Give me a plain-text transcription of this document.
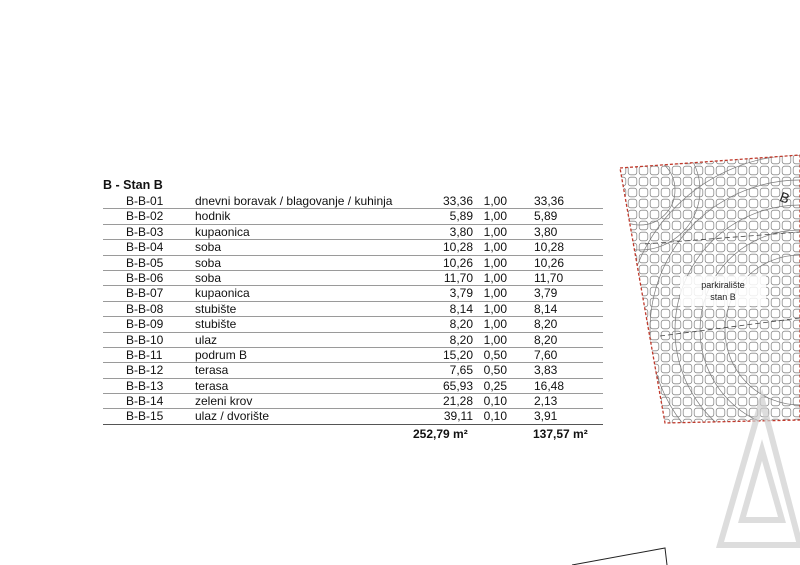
parkiralište
stan B
B
B - Stan B
B-B-01	dnevni boravak / blagovanje / kuhinja	33,36 1,00 33,36
B-B-02	hodnik	5,89 1,00 5,89
B-B-03	kupaonica	3,80 1,00 3,80
B-B-04	soba	10,28 1,00 10,28
B-B-05	soba	10,26 1,00 10,26
B-B-06	soba	11,70 1,00 11,70
B-B-07	kupaonica	3,79 1,00 3,79
B-B-08	stubište	8,14 1,00 8,14
B-B-09	stubište	8,20 1,00 8,20
B-B-10	ulaz	8,20 1,00 8,20
B-B-11	podrum B	15,20 0,50 7,60
B-B-12	terasa	7,65 0,50 3,83
B-B-13	terasa	65,93 0,25 16,48
B-B-14	zeleni krov	21,28 0,10 2,13
B-B-15	ulaz / dvorište	39,11 0,10 3,91
252,79 m²	137,57 m²
